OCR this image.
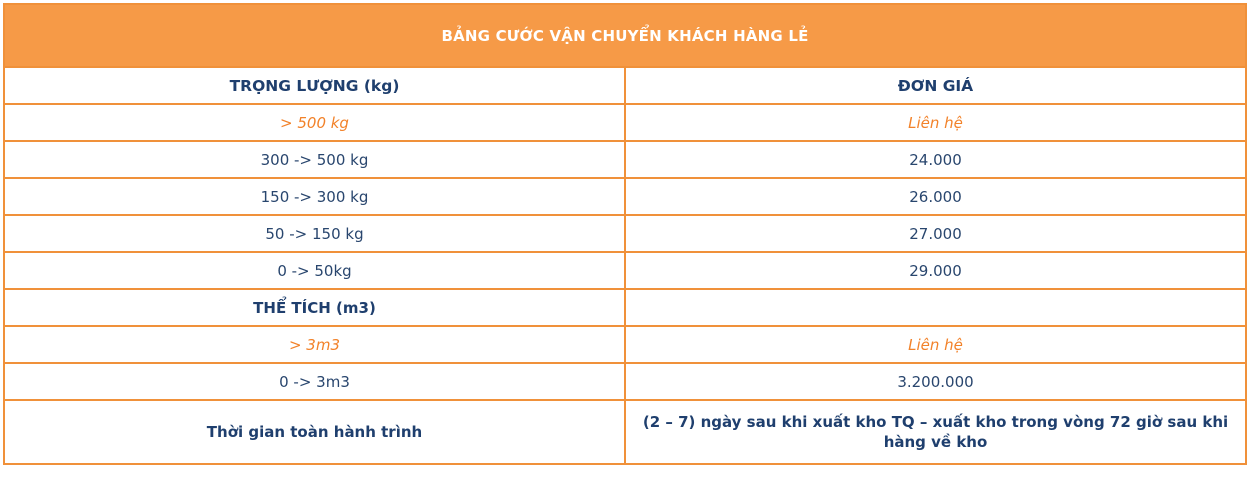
BẢNG CƯỚC VẬN CHUYỂN KHÁCH HÀNG LẺ	
TRỌNG LƯỢNG (kg)	ĐƠN GIÁ
> 500 kg	Liên hệ
300 -> 500 kg	24.000
150 -> 300 kg	26.000
50 -> 150 kg	27.000
0 -> 50kg	29.000
THỂ TÍCH (m3)	
> 3m3	Liên hệ
0 -> 3m3	3.200.000
Thời gian toàn hành trình	(2 – 7) ngày sau khi xuất kho TQ – xuất kho trong vòng 72 giờ sau khi hàng về kho
